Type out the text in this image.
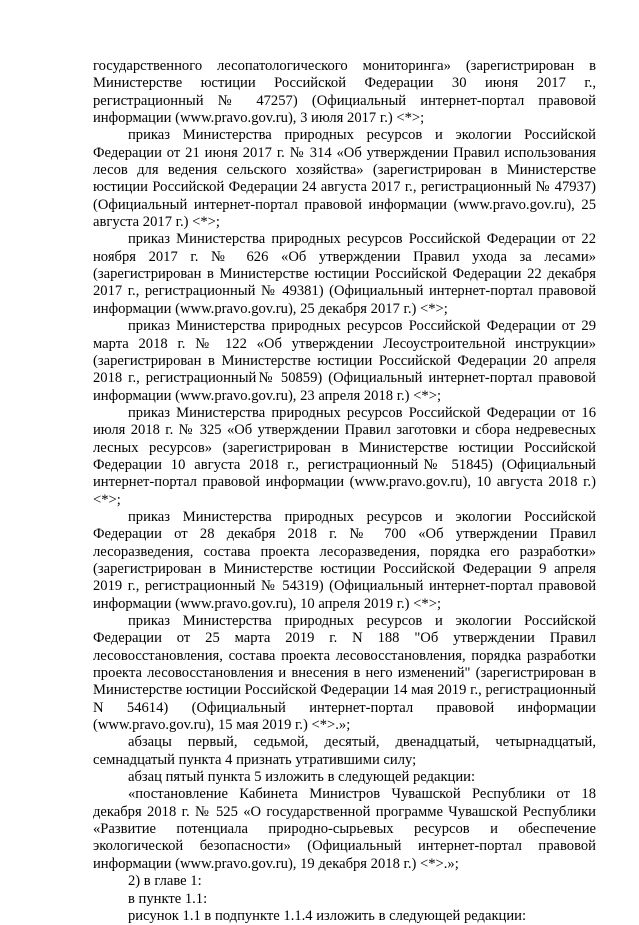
государственного лесопатологического мониторинга» (зарегистрирован в Министерстве юстиции Российской Федерации 30 июня 2017 г., регистрационный № 47257) (Официальный интернет-портал правовой информации (www.pravo.gov.ru), 3 июля 2017 г.) <*>;

приказ Министерства природных ресурсов и экологии Российской Федерации от 21 июня 2017 г. № 314 «Об утверждении Правил использования лесов для ведения сельского хозяйства» (зарегистрирован в Министерстве юстиции Российской Федерации 24 августа 2017 г., регистрационный № 47937) (Официальный интернет-портал правовой информации (www.pravo.gov.ru), 25 августа 2017 г.) <*>;

приказ Министерства природных ресурсов Российской Федерации от 22 ноября 2017 г. № 626 «Об утверждении Правил ухода за лесами» (зарегистрирован в Министерстве юстиции Российской Федерации 22 декабря 2017 г., регистрационный № 49381) (Официальный интернет-портал правовой информации (www.pravo.gov.ru), 25 декабря 2017 г.) <*>;

приказ Министерства природных ресурсов Российской Федерации от 29 марта 2018 г. № 122 «Об утверждении Лесоустроительной инструкции» (зарегистрирован в Министерстве юстиции Российской Федерации 20 апреля 2018 г., регистрационный№ 50859) (Официальный интернет-портал правовой информации (www.pravo.gov.ru), 23 апреля 2018 г.) <*>;

приказ Министерства природных ресурсов Российской Федерации от 16 июля 2018 г. № 325 «Об утверждении Правил заготовки и сбора недревесных лесных ресурсов» (зарегистрирован в Министерстве юстиции Российской Федерации 10 августа 2018 г., регистрационный№ 51845) (Официальный интернет-портал правовой информации (www.pravo.gov.ru), 10 августа 2018 г.) <*>;

приказ Министерства природных ресурсов и экологии Российской Федерации от 28 декабря 2018 г. № 700 «Об утверждении Правил лесоразведения, состава проекта лесоразведения, порядка его разработки» (зарегистрирован в Министерстве юстиции Российской Федерации 9 апреля 2019 г., регистрационный № 54319) (Официальный интернет-портал правовой информации (www.pravo.gov.ru), 10 апреля 2019 г.) <*>;

приказ Министерства природных ресурсов и экологии Российской Федерации от 25 марта 2019 г. N 188 "Об утверждении Правил лесовосстановления, состава проекта лесовосстановления, порядка разработки проекта лесовосстановления и внесения в него изменений" (зарегистрирован в Министерстве юстиции Российской Федерации 14 мая 2019 г., регистрационный N 54614) (Официальный интернет-портал правовой информации (www.pravo.gov.ru), 15 мая 2019 г.) <*>.»;

абзацы первый, седьмой, десятый, двенадцатый, четырнадцатый, семнадцатый пункта 4 признать утратившими силу;

абзац пятый пункта 5 изложить в следующей редакции:

«постановление Кабинета Министров Чувашской Республики от 18 декабря 2018 г. № 525 «О государственной программе Чувашской Республики «Развитие потенциала природно-сырьевых ресурсов и обеспечение экологической безопасности» (Официальный интернет-портал правовой информации (www.pravo.gov.ru), 19 декабря 2018 г.) <*>.»;

2) в главе 1:

в пункте 1.1:

рисунок 1.1 в подпункте 1.1.4 изложить в следующей редакции:
